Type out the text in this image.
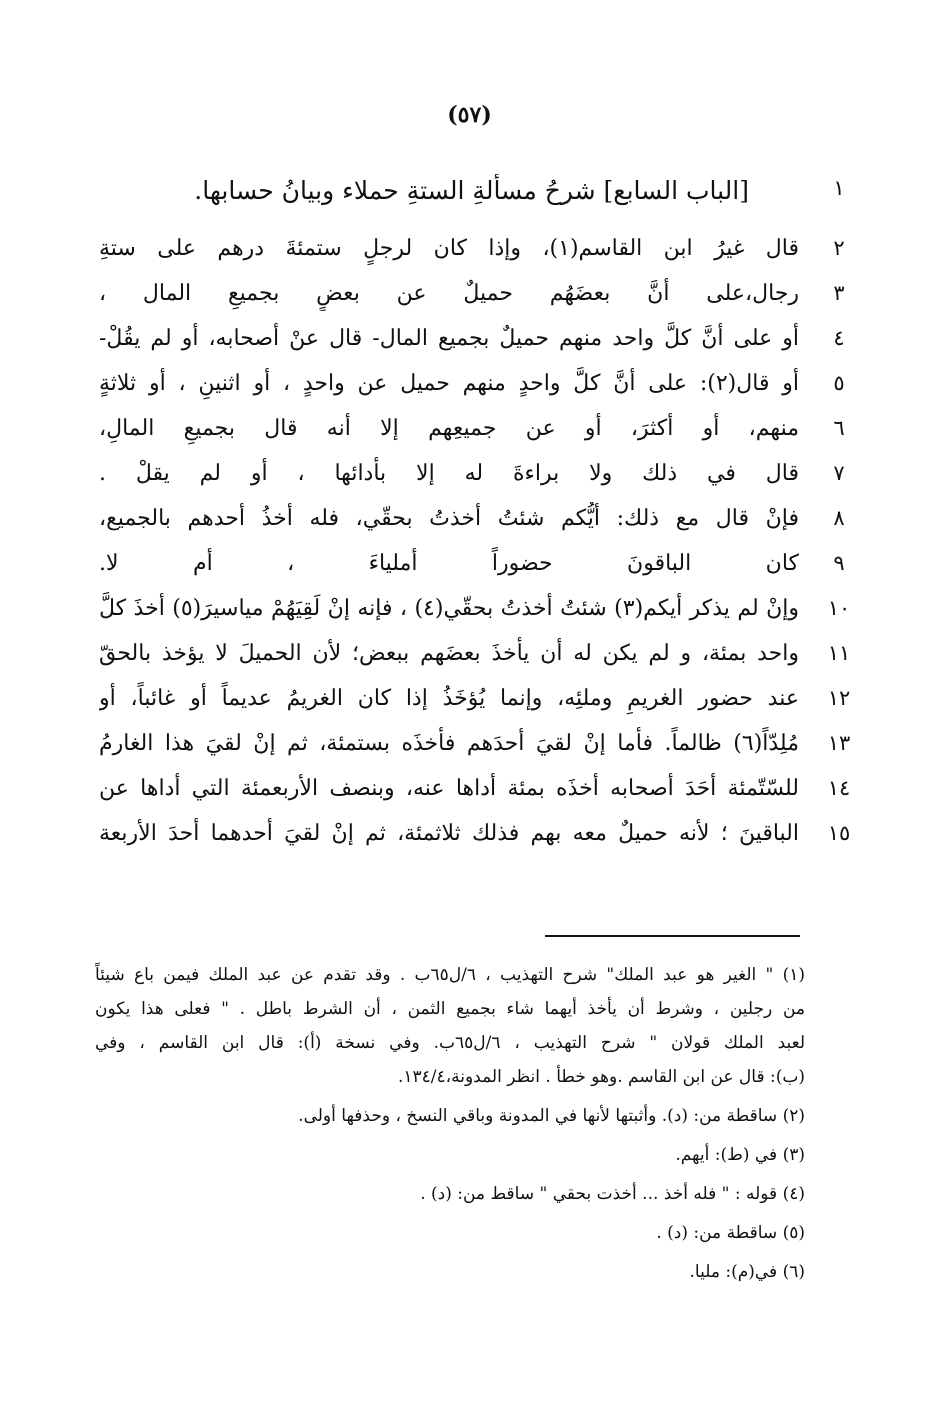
(٥٧)
١
[الباب السابع] شرحُ مسألةِ الستةِ حملاء وبيانُ حسابها.
٢
قال غيرُ ابن القاسم(١)، وإذا كان لرجلٍ ستمئةَ درهم على ستةِ
٣
رجال،على أنَّ بعضَهُم حميلٌ عن بعضٍ بجميعِ المال ،
٤
أو على أنَّ كلَّ واحد منهم حميلٌ بجميع المال- قال عنْ أصحابه، أو لم يقُلْ-
٥
أو قال(٢): على أنَّ كلَّ واحدٍ منهم حميل عن واحدٍ ، أو اثنينِ ، أو ثلاثةٍ
٦
منهم، أو أكثرَ، أو عن جميعِهم إلا أنه قال بجميعِ المالِ،
٧
قال في ذلك ولا براءةَ له إلا بأدائها ، أو لم يقلْ .
٨
فإنْ قال مع ذلك: أيُّكم شئتُ أخذتُ بحقّي، فله أخذُ أحدهم بالجميع،
٩
كان الباقونَ حضوراً أملياءَ ، أم لا.
١٠
وإنْ لم يذكر أيكم(٣) شئتُ أخذتُ بحقّي(٤) ، فإنه إنْ لَقِيَهُمْ مياسيرَ(٥) أخذَ كلَّ
١١
واحد بمئة، و لم يكن له أن يأخذَ بعضَهم ببعض؛ لأن الحميلَ لا يؤخذ بالحقّ
١٢
عند حضور الغريمِ وملئِه، وإنما يُؤخَذُ إذا كان الغريمُ عديماً أو غائباً، أو
١٣
مُلِدّاً(٦) ظالماً. فأما إنْ لقيَ أحدَهم فأخذَه بستمئة، ثم إنْ لقيَ هذا الغارمُ
١٤
للسّتّمئة أحَدَ أصحابه أخذَه بمئة أداها عنه، وبنصف الأربعمئة التي أداها عن
١٥
الباقينَ ؛ لأنه حميلٌ معه بهم فذلك ثلاثمئة، ثم إنْ لقيَ أحدهما أحدَ الأربعة
(١) " الغير هو عبد الملك" شرح التهذيب ، ٦/ل٦٥ب . وقد تقدم عن عبد الملك فيمن باع شيئاً
من رجلين ، وشرط أن يأخذ أيهما شاء بجميع الثمن ، أن الشرط باطل . " فعلى هذا يكون
لعبد الملك قولان " شرح التهذيب ، ٦/ل٦٥ب. وفي نسخة (أ): قال ابن القاسم ، وفي
(ب): قال عن ابن القاسم .وهو خطأ . انظر المدونة،١٣٤/٤.
(٢) ساقطة من: (د). وأثبتها لأنها في المدونة وباقي النسخ ، وحذفها أولى.
(٣) في (ط): أيهم.
(٤) قوله : " فله أخذ ... أخذت بحقي " ساقط من: (د) .
(٥) ساقطة من: (د) .
(٦) في(م): مليا.
